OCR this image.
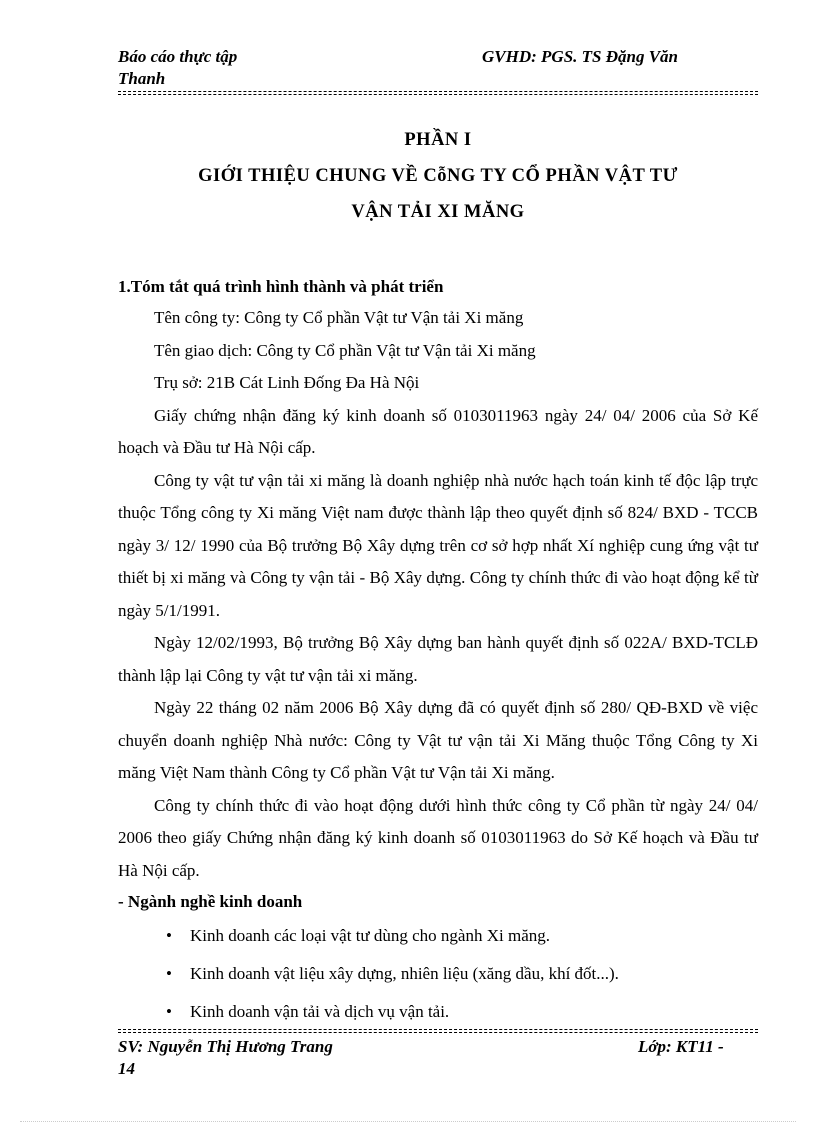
Báo cáo thực tập	GVHD: PGS. TS Đặng Văn
Thanh
PHẦN I
GIỚI THIỆU CHUNG VỀ CỗNG TY CỔ PHẦN VẬT TƯ
VẬN TẢI XI MĂNG

1.Tóm tắt quá trình hình thành và phát triển

Tên công ty: Công ty Cổ phần Vật tư Vận tải Xi măng

Tên giao dịch: Công ty Cổ phần Vật tư Vận tải Xi măng

Trụ sở: 21B Cát Linh Đống Đa Hà Nội

Giấy chứng nhận đăng ký kinh doanh số 0103011963 ngày 24/ 04/ 2006 của Sở Kế hoạch và Đầu tư Hà Nội cấp.

Công ty vật tư vận tải xi măng là doanh nghiệp nhà nước hạch toán kinh tế độc lập trực thuộc Tổng công ty Xi măng Việt nam được thành lập theo quyết định số 824/ BXD - TCCB ngày 3/ 12/ 1990 của Bộ trưởng Bộ Xây dựng trên cơ sở hợp nhất Xí nghiệp cung ứng vật tư thiết bị xi măng và Công ty vận tải - Bộ Xây dựng. Công ty chính thức đi vào hoạt động kể từ ngày 5/1/1991.

Ngày 12/02/1993, Bộ trưởng Bộ Xây dựng ban hành quyết định số 022A/ BXD-TCLĐ thành lập lại Công ty vật tư vận tải xi măng.

Ngày 22 tháng 02 năm 2006 Bộ Xây dựng đã có quyết định số 280/ QĐ-BXD về việc chuyển doanh nghiệp Nhà nước: Công ty Vật tư vận tải Xi Măng thuộc Tổng Công ty Xi măng Việt Nam thành Công ty Cổ phần Vật tư Vận tải Xi măng.

Công ty chính thức đi vào hoạt động dưới hình thức công ty Cổ phần từ ngày 24/ 04/ 2006 theo giấy Chứng nhận đăng ký kinh doanh số 0103011963 do Sở Kế hoạch và Đầu tư Hà Nội cấp.

- Ngành nghề kinh doanh

• Kinh doanh các loại vật tư dùng cho ngành Xi măng.
• Kinh doanh vật liệu xây dựng, nhiên liệu (xăng dầu, khí đốt...).
• Kinh doanh vận tải và dịch vụ vận tải.
SV: Nguyễn Thị Hương Trang	Lớp: KT11 -
14
